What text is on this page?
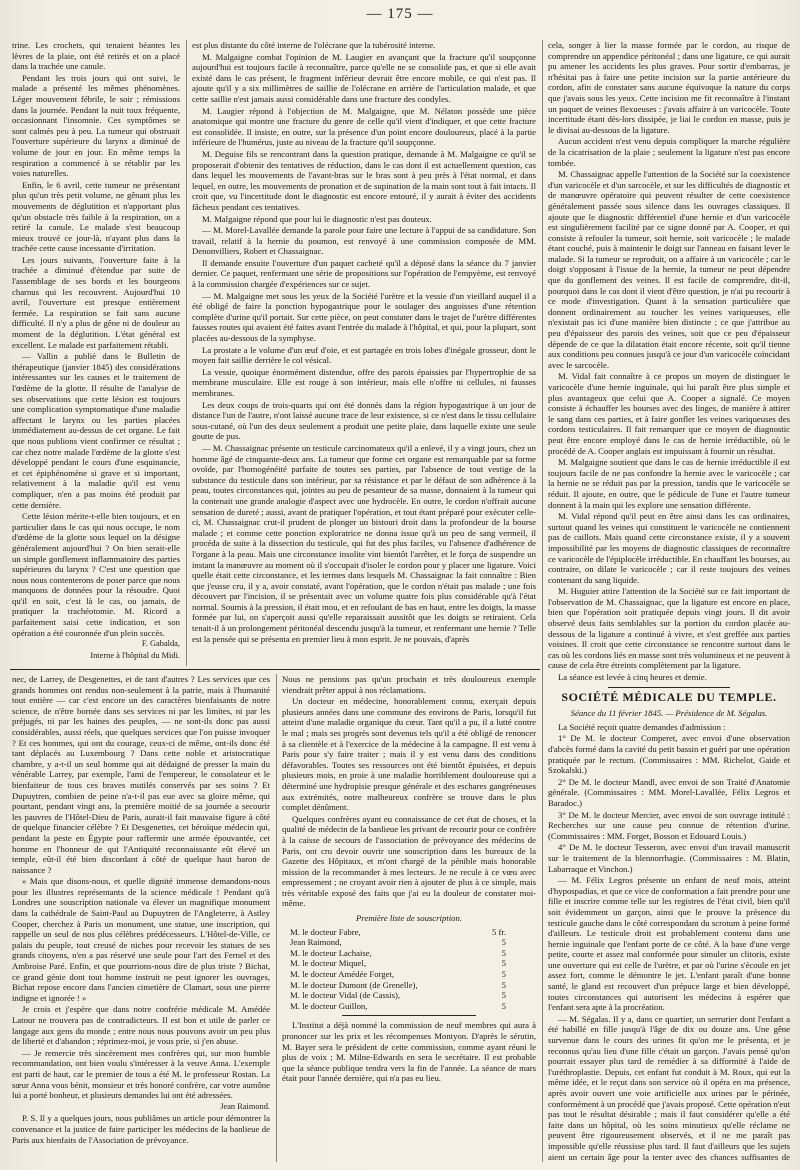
— 175 —

trine. Les crochets, qui tenaient béantes les lèvres de la plaie, ont été retirés et on a placé dans la trachée une canule.

Pendant les trois jours qui ont suivi, le malade a présenté les mêmes phénomènes. Léger mouvement fébrile, le soir ; rémissions dans la journée. Pendant la nuit toux fréquente, occasionnant l'insomnie. Ces symptômes se sont calmés peu à peu. La tumeur qui obstruait l'ouverture supérieure du larynx a diminué de volume de jour en jour. En même temps la respiration a commencé à se rétablir par les voies naturelles.

Enfin, le 6 avril, cette tumeur ne présentant plus qu'un très petit volume, ne gênant plus les mouvements de déglutition et n'apportant plus qu'un obstacle très faible à la respiration, on a retiré la canule. Le malade s'est beaucoup mieux trouvé ce jour-là, n'ayant plus dans la trachée cette cause incessante d'irritation.

Les jours suivants, l'ouverture faite à la trachée a diminué d'étendue par suite de l'assemblage de ses bords et les bourgeons charnus qui les recouvrent. Aujourd'hui 10 avril, l'ouverture est presque entièrement fermée. La respiration se fait sans aucune difficulté. Il n'y a plus de gêne ni de douleur au moment de la déglutition. L'état général est excellent. Le malade est parfaitement rétabli.

— Vallin a publié dans le Bulletin de thérapeutique (janvier 1845) des considérations intéressantes sur les causes et le traitement de l'œdème de la glotte. Il résulte de l'analyse de ses observations que cette lésion est toujours une complication symptomatique d'une maladie affectant le larynx ou les parties placées immédiatement au-dessus de cet organe. Le fait que nous publions vient confirmer ce résultat ; car chez notre malade l'œdème de la glotte s'est développé pendant le cours d'une esquinancie, et cet épiphénomène si grave et si important, relativement à la maladie qu'il est venu compliquer, n'en a pas moins été produit par cette dernière.

Cette lésion mérite-t-elle bien toujours, et en particulier dans le cas qui nous occupe, le nom d'œdème de la glotte sous lequel on la désigne généralement aujourd'hui ? On bien serait-elle un simple gonflement inflammatoire des parties supérieures du larynx ? C'est une question que nous nous contenterons de poser parce que nous manquons de données pour la résoudre. Quoi qu'il en soit, c'est là le cas, ou jamais, de pratiquer la trachéotomie. M. Ricord a parfaitement saisi cette indication, et son opération a été couronnée d'un plein succès.

F. Gabalda,
Interne à l'hôpital du Midi.

est plus distante du côté interne de l'olécrane que la tubérosité interne.

M. Malgaigne combat l'opinion de M. Laugier en avançant que la fracture qu'il soupçonne aujourd'hui est toujours facile à reconnaître, parce qu'elle ne se consolide pas, et que si elle avait existé dans le cas présent, le fragment inférieur devrait être encore mobile, ce qui n'est pas. Il ajoute qu'il y a six millimètres de saillie de l'olécrane en arrière de l'articulation malade, et que cette saillie n'est jamais aussi considérable dans une fracture des condyles.

M. Laugier répond à l'objection de M. Malgaigne, que M. Nélaton possède une pièce anatomique qui montre une fracture du genre de celle qu'il vient d'indiquer, et que cette fracture est consolidée. Il insiste, en outre, sur la présence d'un point encore douloureux, placé à la partie inférieure de l'humérus, juste au niveau de la fracture qu'il soupçonne.

M. Deguise fils se rencontrant dans la question pratique, demande à M. Malgaigne ce qu'il se proposerait d'obtenir des tentatives de réduction, dans le cas dont il est actuellement question, cas dans lequel les mouvements de l'avant-bras sur le bras sont à peu près à l'état normal, et dans lequel, en outre, les mouvements de pronation et de supination de la main sont tout à fait intacts. Il croit que, vu l'incertitude dont le diagnostic est encore entouré, il y aurait à éviter des accidents fâcheux pendant ces tentatives.

M. Malgaigne répond que pour lui le diagnostic n'est pas douteux.

— M. Morel-Lavallée demande la parole pour faire une lecture à l'appui de sa candidature. Son travail, relatif à la hernie du poumon, est renvoyé à une commission composée de MM. Denonvilliers, Robert et Chassaignac.

Il demande ensuite l'ouverture d'un paquet cacheté qu'il a déposé dans la séance du 7 janvier dernier. Ce paquet, renfermant une série de propositions sur l'opération de l'empyème, est renvoyé à la commission chargée d'expériences sur ce sujet.

— M. Malgaigne met sous les yeux de la Société l'urètre et la vessie d'un vieillard auquel il a été obligé de faire la ponction hypogastrique pour le soulager des angoisses d'une rétention complète d'urine qu'il portait. Sur cette pièce, on peut constater dans le trajet de l'urètre différentes fausses routes qui avaient été faites avant l'entrée du malade à l'hôpital, et qui, pour la plupart, sont placées au-dessous de la symphyse.

La prostate a le volume d'un œuf d'oie, et est partagée en trois lobes d'inégale grosseur, dont le moyen fait saillie derrière le col vésical.

La vessie, quoique énormément distendue, offre des parois épaissies par l'hypertrophie de sa membrane musculaire. Elle est rouge à son intérieur, mais elle n'offre ni cellules, ni fausses membranes.

Les deux coups de trois-quarts qui ont été donnés dans la région hypogastrique à un jour de distance l'un de l'autre, n'ont laissé aucune trace de leur existence, si ce n'est dans le tissu cellulaire sous-cutané, où l'un des deux seulement a produit une petite plaie, dans laquelle existe une seule goutte de pus.

— M. Chassaignac présente un testicule carcinomateux qu'il a enlevé, il y a vingt jours, chez un homme âgé de cinquante-deux ans. La tumeur que forme cet organe est remarquable par sa forme ovoïde, par l'homogénéité parfaite de toutes ses parties, par l'absence de tout vestige de la substance du testicule dans son intérieur, par sa résistance et par le défaut de son adhérence à la peau, toutes circonstances qui, jointes au peu de pesanteur de sa masse, donnaient à la tumeur qui la contenait une grande analogie d'aspect avec une hydrocèle. En outre, le cordon n'offrait aucune sensation de dureté ; aussi, avant de pratiquer l'opération, et tout étant préparé pour exécuter celle-ci, M. Chassaignac crut-il prudent de plonger un bistouri droit dans la profondeur de la bourse malade ; et comme cette ponction exploratrice ne donna issue qu'à un peu de sang vermeil, il procéda de suite à la dissection du testicule, qui fut des plus faciles, vu l'absence d'adhérence de l'organe à la peau. Mais une circonstance insolite vint bientôt l'arrêter, et le força de suspendre un instant la manœuvre au moment où il s'occupait d'isoler le cordon pour y placer une ligature. Voici quelle était cette circonstance, et les termes dans lesquels M. Chassaignac la fait connaître : Bien que j'eusse cru, il y a, avoir constaté, avant l'opération, que le cordon n'était pas malade ; une fois découvert par l'incision, il se présentait avec un volume quatre fois plus considérable qu'à l'état normal. Soumis à la pression, il était mou, et en refoulant de bas en haut, entre les doigts, la masse formée par lui, on s'aperçoit aussi qu'elle reparaissait aussitôt que les doigts se retiraient. Cela tenait-il à un prolongement péritonéal descendu jusqu'à la tumeur, et renfermant une hernie ? Telle est la pensée qui se présenta en premier lieu à mon esprit. Je ne pouvais, d'après

cela, songer à lier la masse formée par le cordon, au risque de comprendre un appendice péritonéal ; dans une ligature, ce qui aurait pu amener les accidents les plus graves. Pour sortir d'embarras, je n'hésitai pas à faire une petite incision sur la partie antérieure du cordon, afin de constater sans aucune équivoque la nature du corps que j'avais sous les yeux. Cette incision me fit reconnaître à l'instant un paquet de veines flexueuses : j'avais affaire à un varicocèle. Toute incertitude étant dès-lors dissipée, je liai le cordon en masse, puis je le divisai au-dessous de la ligature.

Aucun accident n'est venu depuis compliquer la marche régulière de la cicatrisation de la plaie ; seulement la ligature n'est pas encore tombée.

M. Chassaignac appelle l'attention de la Société sur la coexistence d'un varicocèle et d'un sarcocèle, et sur les difficultés de diagnostic et de manœuvre opératoire qui peuvent résulter de cette coexistence généralement passée sous silence dans les ouvrages classiques. Il ajoute que le diagnostic différentiel d'une hernie et d'un varicocèle est singulièrement facilité par ce signe donné par A. Cooper, et qui consiste à refouler la tumeur, soit hernie, soit varicocèle ; le malade étant couché, puis à maintenir le doigt sur l'anneau en faisant lever le malade. Si la tumeur se reproduit, on a affaire à un varicocèle ; car le doigt s'opposant à l'issue de la hernie, la tumeur ne peut dépendre que du gonflement des veines. Il est facile de comprendre, dit-il, pourquoi dans le cas dont il vient d'être question, je n'ai pu recourir à ce mode d'investigation. Quant à la sensation particulière que donnent ordinairement au toucher les veines variqueuses, elle n'existait pas ici d'une manière bien distincte ; ce que j'attribue au peu d'épaisseur des parois des veines, soit que ce peu d'épaisseur dépende de ce que la dilatation était encore récente, soit qu'il tienne aux conditions peu connues jusqu'à ce jour d'un varicocèle coïncidant avec le sarcocèle.

M. Vidal fait connaître à ce propos un moyen de distinguer le varicocèle d'une hernie inguinale, qui lui paraît être plus simple et plus avantageux que celui que A. Cooper a signalé. Ce moyen consiste à échauffer les bourses avec des linges, de manière à attirer le sang dans ces parties, et à faire gonfler les veines variqueuses des cordons testiculaires. Il fait remarquer que ce moyen de diagnostic peut être encore employé dans le cas de hernie irréductible, où le procédé de A. Cooper anglais est impuissant à fournir un résultat.

M. Malgaigne soutient que dans le cas de hernie irréductible il est toujours facile de ne pas confondre la hernie avec le varicocèle ; car la hernie ne se réduit pas par la pression, tandis que le varicocèle se réduit. Il ajoute, en outre, que le pédicule de l'une et l'autre tumeur donnent à la main qui les explore une sensation différente.

M. Vidal répond qu'il peut en être ainsi dans les cas ordinaires, surtout quand les veines qui constituent le varicocèle ne contiennent pas de caillots. Mais quand cette circonstance existe, il y a souvent impossibilité par les moyens de diagnostic classiques de reconnaître ce varicocèle de l'épiplocèle irréductible. En chauffant les bourses, au contraire, on dilate le varicocèle ; car il reste toujours des veines contenant du sang liquide.

M. Huguier attire l'attention de la Société sur ce fait important de l'observation de M. Chassaignac, que la ligature est encore en place, bien que l'opération soit pratiquée depuis vingt jours. Il dit avoir observé deux faits semblables sur la portion du cordon placée au-dessous de la ligature a continué à vivre, et s'est greffée aux parties voisines. Il croit que cette circonstance se rencontre surtout dans le cas où les cordons liés en masse sont très volumineux et ne peuvent à cause de cela être étreints complètement par la ligature.

La séance est levée à cinq heures et demie.

SOCIÉTÉ MÉDICALE DU TEMPLE.
Séance du 11 février 1845. — Présidence de M. Ségalas.

La Société reçoit quatre demandes d'admission :

1° De M. le docteur Comperet, avec envoi d'une observation d'abcès formé dans la cavité du petit bassin et guéri par une opération pratiquée par le rectum. (Commissaires : MM. Richelot, Gaide et Szokalski.)

2° De M. le docteur Mandl, avec envoi de son Traité d'Anatomie générale. (Commissaires : MM. Morel-Lavallée, Félix Legros et Baradoc.)

3° De M. le docteur Mercier, avec envoi de son ouvrage intitulé : Recherches sur une cause peu connue de rétention d'urine. (Commissaires : MM. Forget, Bosson et Edouard Louis.)

4° De M. le docteur Tesseron, avec envoi d'un travail manuscrit sur le traitement de la blennorrhagie. (Commissaires : M. Blatin, Labarraque et Vinchon.)

— M. Félix Legros présente un enfant de neuf mois, atteint d'hypospadias, et que ce vice de conformation a fait prendre pour une fille et inscrire comme telle sur les registres de l'état civil, bien qu'il soit évidemment un garçon, ainsi que le prouve la présence du testicule gauche dans le côté correspondant du scrotum à peine formé d'ailleurs. Le testicule droit est probablement contenu dans une hernie inguinale que l'enfant porte de ce côté. A la base d'une verge petite, courte et assez mal conformée pour simuler un clitoris, existe une ouverture qui est celle de l'urètre, et par où l'urine s'écoule en jet assez fort, comme le démontre le jet. L'enfant paraît d'une bonne santé, le gland est recouvert d'un prépuce large et bien développé, toutes circonstances qui autorisent les médecins à espérer que l'enfant sera apte à la procréation.

— M. Ségalas. Il y a, dans ce quartier, un serrurier dont l'enfant a été habillé en fille jusqu'à l'âge de dix ou douze ans. Une gêne survenue dans le cours des urines fit qu'on me le présenta, et je reconnus qu'au lieu d'une fille c'était un garçon. J'avais pensé qu'on pourrait essayer plus tard de remédier à sa difformité à l'aide de l'uréthroplastie. Depuis, cet enfant fut conduit à M. Roux, qui eut la même idée, et le reçut dans son service où il opéra en ma présence, après avoir ouvert une voie artificielle aux urines par le périnée, conformément à un procédé que j'avais proposé. Cette opération n'eut pas tout le résultat désirable ; mais il faut considérer qu'elle a été faite dans un hôpital, où les soins minutieux qu'elle réclame ne peuvent être rigoureusement observés, et il ne me paraît pas impossible qu'elle réussisse plus tard. Il faut d'ailleurs que les sujets aient un certain âge pour la tenter avec des chances suffisantes de

nec, de Larrey, de Desgenettes, et de tant d'autres ? Les services que ces grands hommes ont rendus non-seulement à la patrie, mais à l'humanité tout entière — car c'est encore un des caractères bienfaisants de notre science, de n'être bornée dans ses services ni par les limites, ni par les préjugés, ni par les haines des peuples, — ne sont-ils donc pas aussi considérables, aussi réels, que quelques services que l'on puisse invoquer ? Et ces hommes, qui ont du courage, ceux-ci de même, ont-ils donc été tant déplacés au Luxembourg ? Dans cette noble et aristocratique chambre, y a-t-il un seul homme qui ait dédaigné de presser la main du vénérable Larrey, par exemple, l'ami de l'empereur, le consolateur et le bienfaiteur de tous ces braves mutilés conservés par ses soins ? Et Dupuytren, combien de peine n'a-t-il pas eue avec sa gloire même, qui pourtant, pendant vingt ans, la première moitié de sa journée a secourir les pauvres de l'Hôtel-Dieu de Paris, aurait-il fait mauvaise figure à côté de quelque financier célèbre ? Et Desgenettes, cet héroïque médecin qui, pendant la peste en Égypte pour raffermir une armée épouvantée, cet homme en l'honneur de qui l'Antiquité reconnaissante eût élevé un temple, eût-il été bien discordant à côté de quelque haut baron de naissance ?

» Mais que disons-nous, et quelle dignité immense demandons-nous pour les illustres représentants de la science médicale ! Pendant qu'à Londres une souscription nationale va élever un magnifique monument dans la cathédrale de Saint-Paul au Dupuytren de l'Angleterre, à Astley Cooper, cherchez à Paris un monument, une statue, une inscription, qui rappelle un seul de nos plus célèbres prédécesseurs. L'Hôtel-de-Ville, ce palais du peuple, tout creusé de niches pour recevoir les statues de ses grands citoyens, n'en a pas réservé une seule pour l'art des Fernel et des Ambroise Paré. Enfin, et que pourrions-nous dire de plus triste ? Bichat, ce grand génie dont tout homme instruit ne peut ignorer les ouvrages, Bichat repose encore dans l'ancien cimetière de Clamart, sous une pierre indigne et ignorée ! »

Je crois et j'espère que dans notre confrérie médicale M. Amédée Latour ne trouvera pas de contradicteurs. Il est bon et utile de parler ce langage aux gens du monde ; entre nous nous pouvons avoir un peu plus de liberté et d'abandon ; réprimez-moi, je vous prie, si j'en abuse.

— Je remercie très sincèrement mes confrères qui, sur mon humble recommandation, ont bien voulu s'intéresser à la veuve Anna. L'exemple est parti de haut, car le premier de tous a été M. le professeur Rostan. La sœur Anna vous bénit, monsieur et très honoré confrère, car votre aumône lui a porté bonheur, et plusieurs demandes lui ont été adressées.

Jean Raimond.

P. S. Il y a quelques jours, nous publiâmes un article pour démontrer la convenance et la justice de faire participer les médecins de la banlieue de Paris aux bienfaits de l'Association de prévoyance.

Nous ne pensions pas qu'un prochain et très douloureux exemple viendrait prêter appui à nos réclamations.

Un docteur en médecine, honorablement connu, exerçait depuis plusieurs années dans une commune des environs de Paris, lorsqu'il fut atteint d'une maladie organique du cœur. Tant qu'il a pu, il a lutté contre le mal ; mais ses progrès sont devenus tels qu'il a été obligé de renoncer à sa clientèle et à l'exercice de la médecine à la campagne. Il est venu à Paris pour s'y faire traiter ; mais il y est venu dans des conditions défavorables. Toutes ses ressources ont été bientôt épuisées, et depuis plusieurs mois, en proie à une maladie horriblement douloureuse qui a déterminé une hydropisie presque générale et des eschares gangréneuses aux extrémités, notre malheureux confrère se trouve dans le plus complet dénûment.

Quelques confrères ayant eu connaissance de cet état de choses, et la qualité de médecin de la banlieue les privant de recourir pour ce confrère à la caisse de secours de l'association de prévoyance des médecins de Paris, ont cru devoir ouvrir une souscription dans les bureaux de la Gazette des Hôpitaux, et m'ont chargé de la pénible mais honorable mission de la recommander à mes lecteurs. Je ne recule à ce vœu avec empressement ; ne croyant avoir rien à ajouter de plus à ce simple, mais très véritable exposé des faits que j'ai eu la douleur de constater moi-même.

Première liste de souscription.
M. le docteur Fabre,	5 fr.
Jean Raimond,	5
M. le docteur Lachaise,	5
M. le docteur Miquel,	5
M. le docteur Amédée Forget,	5
M. le docteur Dumont (de Grenelle),	5
M. le docteur Vidal (de Cassis),	5
M. le docteur Guillon,	5

L'Institut a déjà nommé la commission de neuf membres qui aura à prononcer sur les prix et les récompenses Montyon. D'après le sérutin, M. Bayer sera le président de cette commission, comme ayant réuni le plus de voix ; M. Milne-Edwards en sera le secrétaire. Il est probable que la séance publique tendra vers la fin de l'année. La séance de mars était pour l'année dernière, qui n'a pas eu lieu.
